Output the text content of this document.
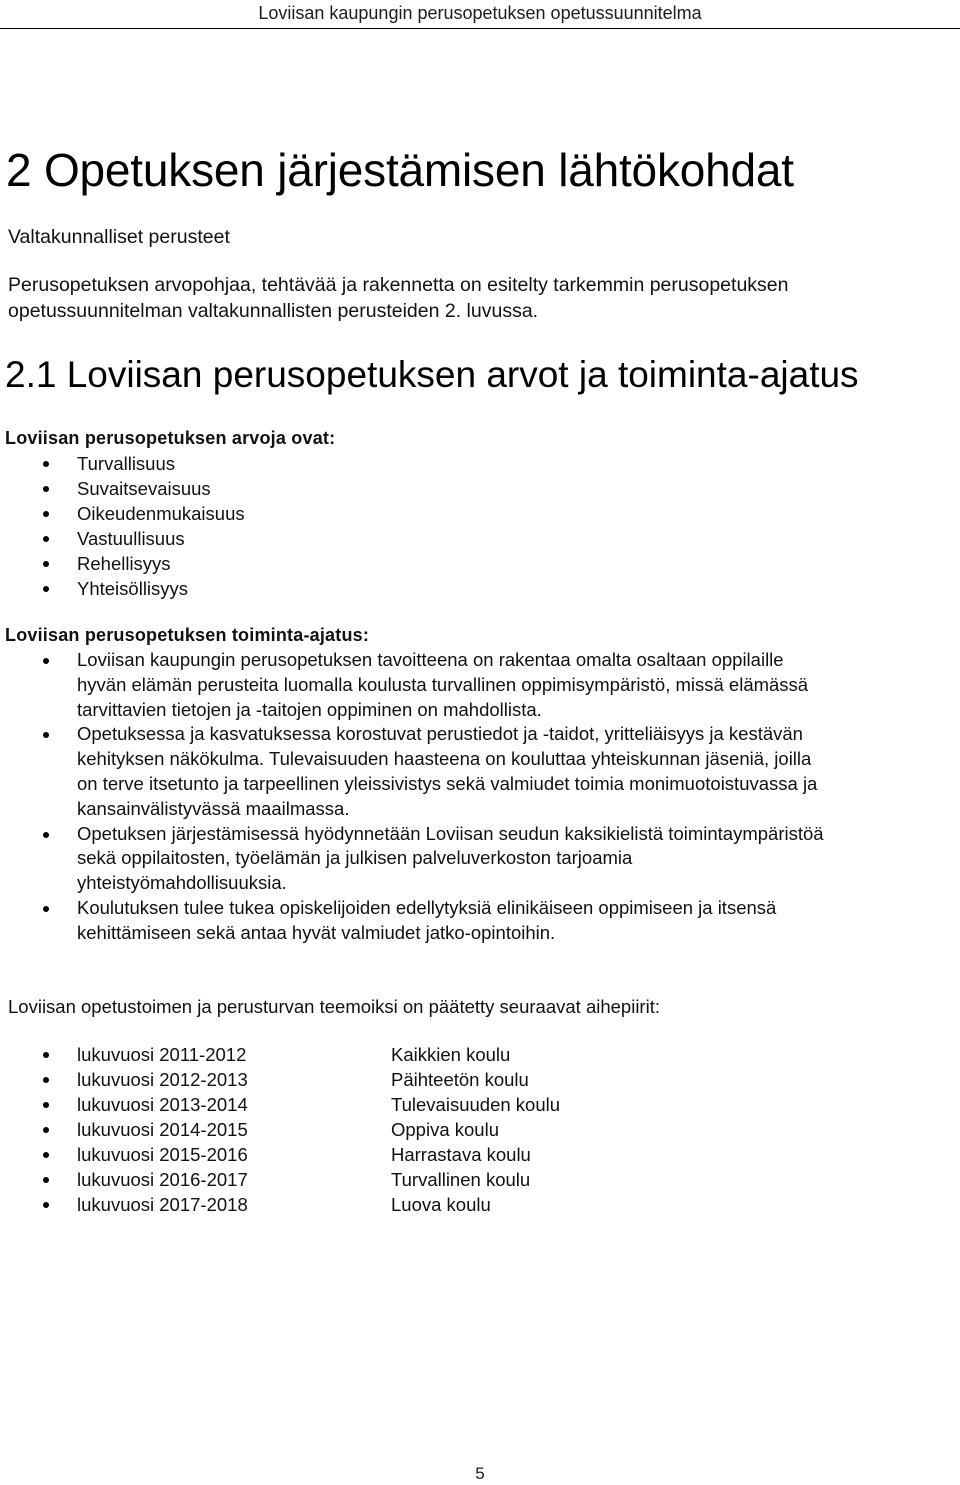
Loviisan kaupungin perusopetuksen opetussuunnitelma
2 Opetuksen järjestämisen lähtökohdat
Valtakunnalliset perusteet
Perusopetuksen arvopohjaa, tehtävää ja rakennetta on esitelty tarkemmin perusopetuksen
opetussuunnitelman valtakunnallisten perusteiden 2. luvussa.
2.1 Loviisan perusopetuksen arvot ja toiminta-ajatus
Loviisan perusopetuksen arvoja ovat:
Turvallisuus
Suvaitsevaisuus
Oikeudenmukaisuus
Vastuullisuus
Rehellisyys
Yhteisöllisyys
Loviisan perusopetuksen toiminta-ajatus:
Loviisan kaupungin perusopetuksen tavoitteena on rakentaa omalta osaltaan oppilaille
hyvän elämän perusteita luomalla koulusta turvallinen oppimisympäristö, missä elämässä
tarvittavien tietojen ja -taitojen oppiminen on mahdollista.
Opetuksessa ja kasvatuksessa korostuvat perustiedot ja -taidot, yritteliäisyys ja kestävän
kehityksen näkökulma. Tulevaisuuden haasteena on kouluttaa yhteiskunnan jäseniä, joilla
on terve itsetunto ja tarpeellinen yleissivistys sekä valmiudet toimia monimuotoistuvassa ja
kansainvälistyvässä maailmassa.
Opetuksen järjestämisessä hyödynnetään Loviisan seudun kaksikielistä toimintaympäristöä
sekä oppilaitosten, työelämän ja julkisen palveluverkoston tarjoamia
yhteistyömahdollisuuksia.
Koulutuksen tulee tukea opiskelijoiden edellytyksiä elinikäiseen oppimiseen ja itsensä
kehittämiseen sekä antaa hyvät valmiudet jatko-opintoihin.
Loviisan opetustoimen ja perusturvan teemoiksi on päätetty seuraavat aihepiirit:
lukuvuosi 2011-2012	Kaikkien koulu
lukuvuosi 2012-2013	Päihteetön koulu
lukuvuosi 2013-2014	Tulevaisuuden koulu
lukuvuosi 2014-2015	Oppiva koulu
lukuvuosi 2015-2016	Harrastava koulu
lukuvuosi 2016-2017	Turvallinen koulu
lukuvuosi 2017-2018	Luova koulu
5
